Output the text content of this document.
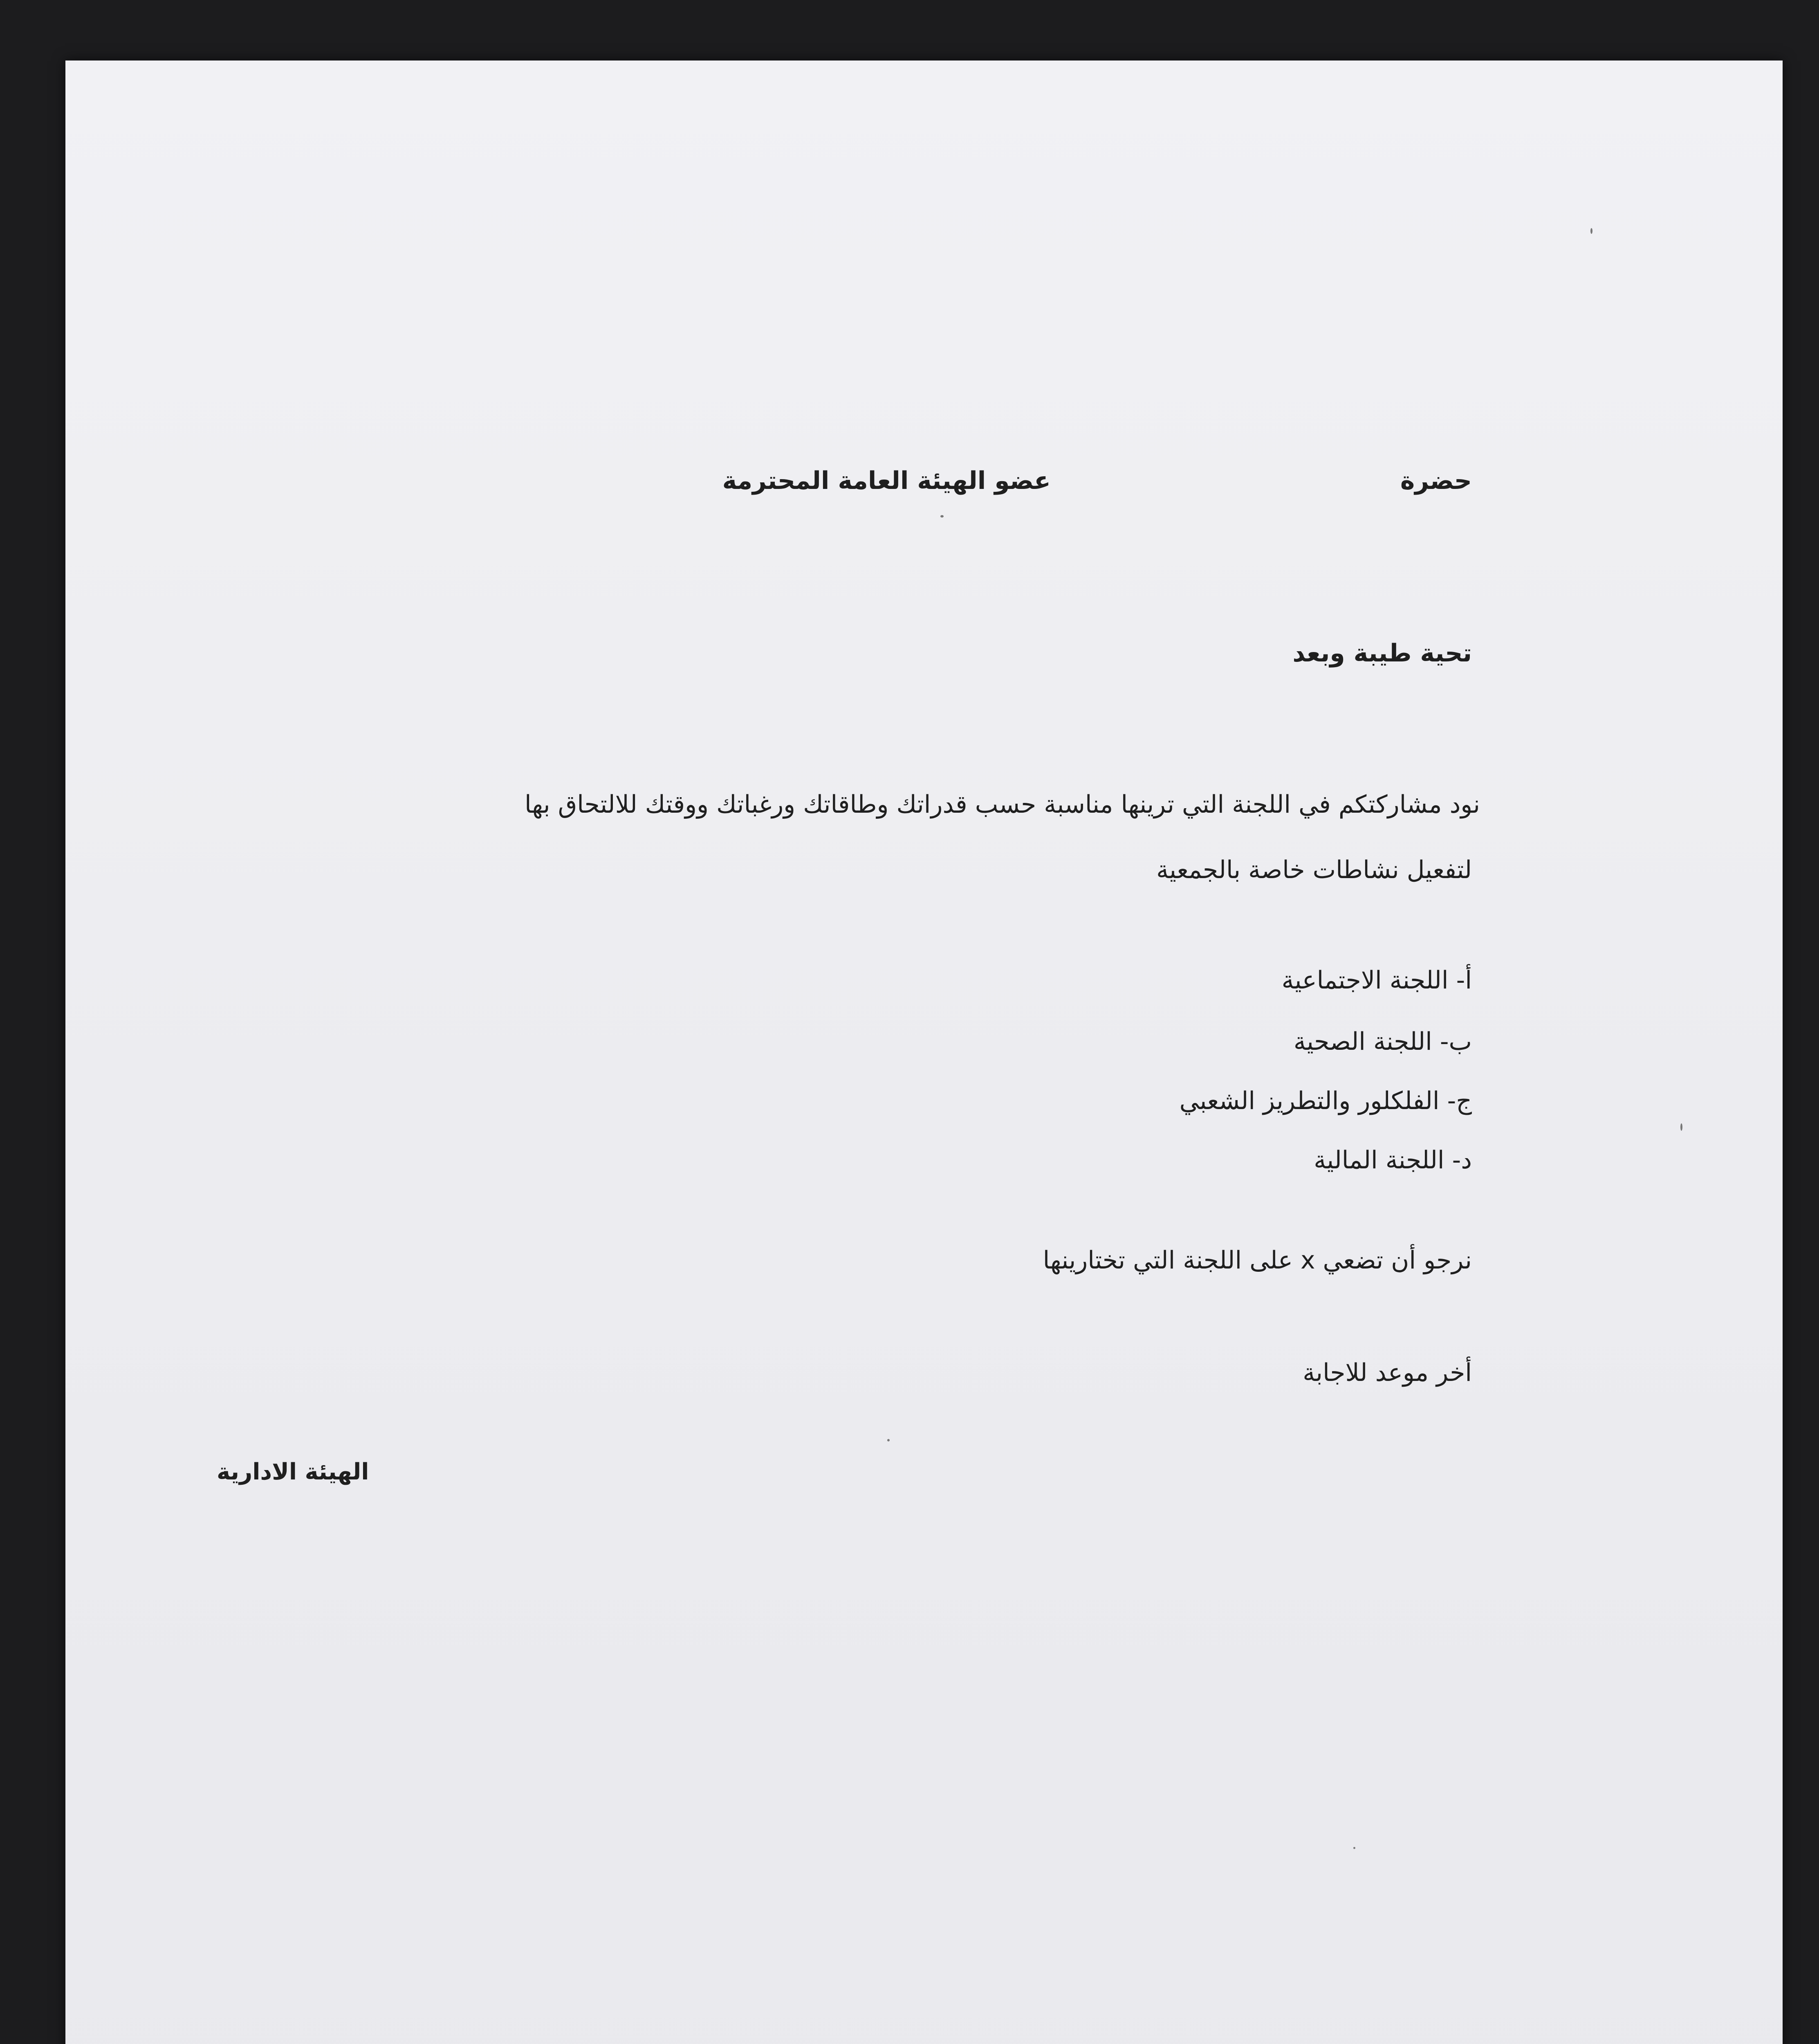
حضرة
عضو الهيئة العامة المحترمة
تحية طيبة وبعد
نود مشاركتكم في اللجنة التي ترينها مناسبة حسب قدراتك وطاقاتك ورغباتك ووقتك للالتحاق بها
لتفعيل نشاطات خاصة بالجمعية
أ- اللجنة الاجتماعية
ب- اللجنة الصحية
ج- الفلكلور والتطريز الشعبي
د- اللجنة المالية
نرجو أن تضعي x على اللجنة التي تختارينها
أخر موعد للاجابة
الهيئة الادارية
